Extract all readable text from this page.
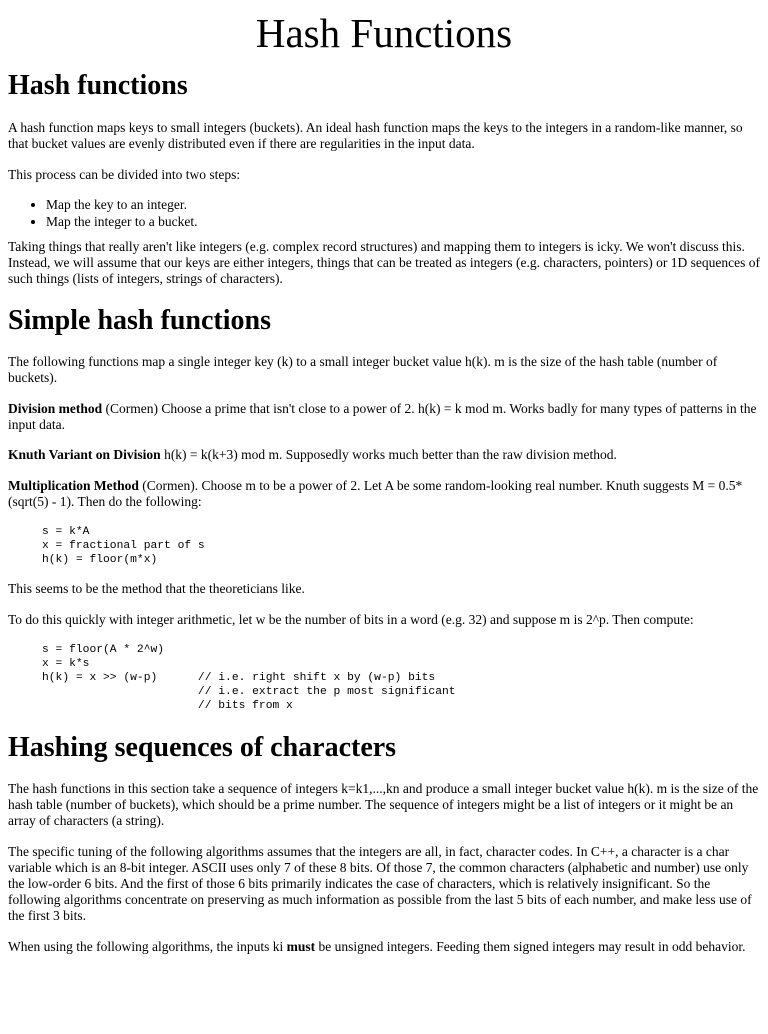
Hash Functions
Hash functions

A hash function maps keys to small integers (buckets). An ideal hash function maps the keys to the integers in a random-like manner, so that bucket values are evenly distributed even if there are regularities in the input data.

This process can be divided into two steps:

• Map the key to an integer.
• Map the integer to a bucket.

Taking things that really aren't like integers (e.g. complex record structures) and mapping them to integers is icky. We won't discuss this. Instead, we will assume that our keys are either integers, things that can be treated as integers (e.g. characters, pointers) or 1D sequences of such things (lists of integers, strings of characters).

Simple hash functions

The following functions map a single integer key (k) to a small integer bucket value h(k). m is the size of the hash table (number of buckets).

Division method (Cormen) Choose a prime that isn't close to a power of 2. h(k) = k mod m. Works badly for many types of patterns in the input data.

Knuth Variant on Division h(k) = k(k+3) mod m. Supposedly works much better than the raw division method.

Multiplication Method (Cormen). Choose m to be a power of 2. Let A be some random-looking real number. Knuth suggests M = 0.5*(sqrt(5) - 1). Then do the following:

s = k*A
x = fractional part of s
h(k) = floor(m*x)

This seems to be the method that the theoreticians like.

To do this quickly with integer arithmetic, let w be the number of bits in a word (e.g. 32) and suppose m is 2^p. Then compute:

s = floor(A * 2^w)
x = k*s
h(k) = x >> (w-p)      // i.e. right shift x by (w-p) bits
// i.e. extract the p most significant
// bits from x
Hashing sequences of characters

The hash functions in this section take a sequence of integers k=k1,...,kn and produce a small integer bucket value h(k). m is the size of the hash table (number of buckets), which should be a prime number. The sequence of integers might be a list of integers or it might be an array of characters (a string).

The specific tuning of the following algorithms assumes that the integers are all, in fact, character codes. In C++, a character is a char variable which is an 8-bit integer. ASCII uses only 7 of these 8 bits. Of those 7, the common characters (alphabetic and number) use only the low-order 6 bits. And the first of those 6 bits primarily indicates the case of characters, which is relatively insignificant. So the following algorithms concentrate on preserving as much information as possible from the last 5 bits of each number, and make less use of the first 3 bits.

When using the following algorithms, the inputs ki must be unsigned integers. Feeding them signed integers may result in odd behavior.
